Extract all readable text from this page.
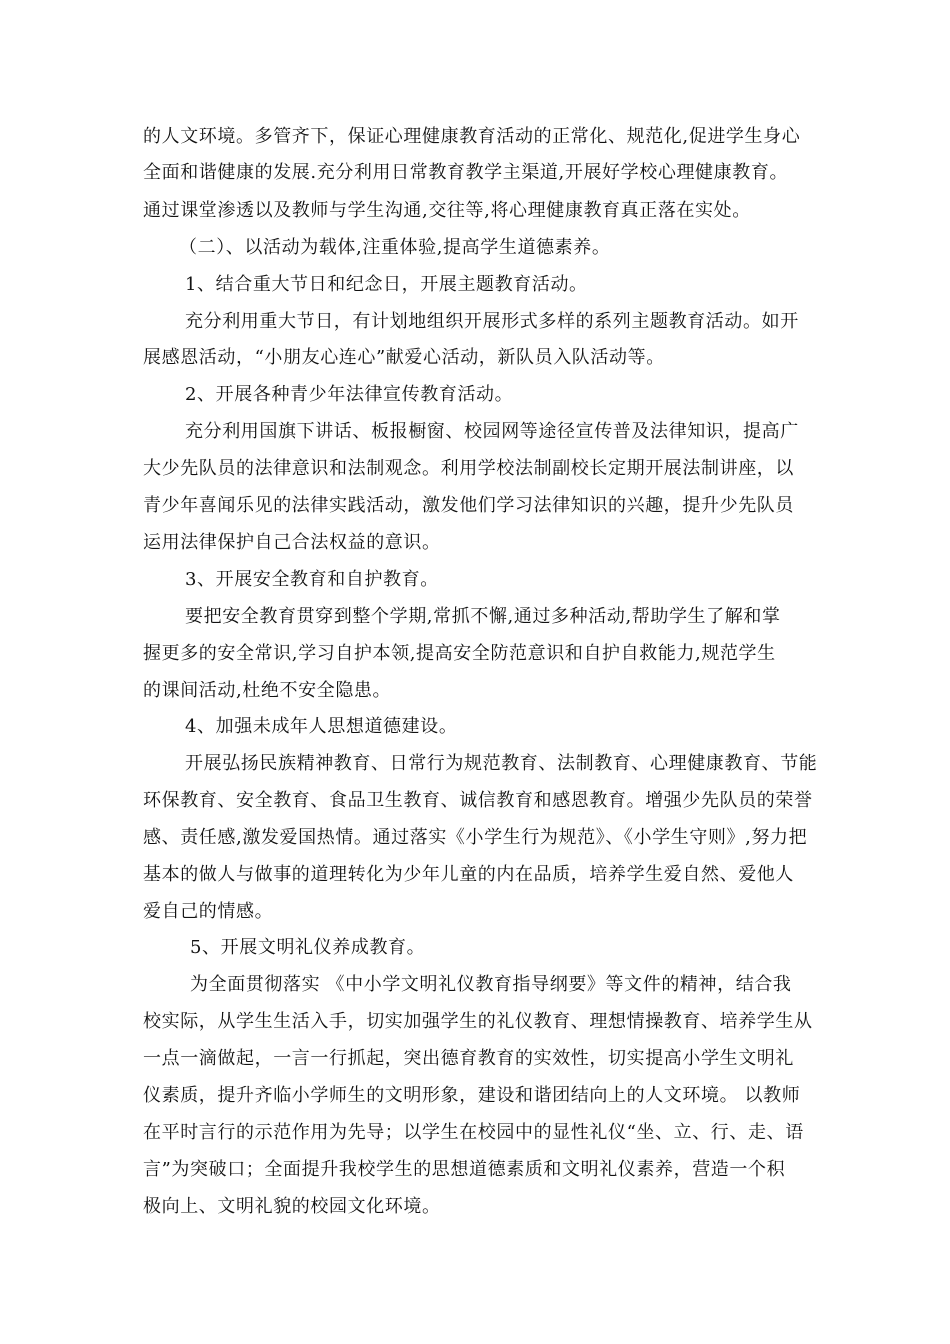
的人文环境。多管齐下，保证心理健康教育活动的正常化、规范化,促进学生身心
全面和谐健康的发展.充分利用日常教育教学主渠道,开展好学校心理健康教育。
通过课堂渗透以及教师与学生沟通,交往等,将心理健康教育真正落在实处。
（二）、以活动为载体,注重体验,提高学生道德素养。
1、结合重大节日和纪念日，开展主题教育活动。
充分利用重大节日，有计划地组织开展形式多样的系列主题教育活动。如开
展感恩活动，“小朋友心连心”献爱心活动，新队员入队活动等。
2、开展各种青少年法律宣传教育活动。
充分利用国旗下讲话、板报橱窗、校园网等途径宣传普及法律知识，提高广
大少先队员的法律意识和法制观念。利用学校法制副校长定期开展法制讲座，以
青少年喜闻乐见的法律实践活动，激发他们学习法律知识的兴趣，提升少先队员
运用法律保护自己合法权益的意识。
3、开展安全教育和自护教育。
要把安全教育贯穿到整个学期,常抓不懈,通过多种活动,帮助学生了解和掌
握更多的安全常识,学习自护本领,提高安全防范意识和自护自救能力,规范学生
的课间活动,杜绝不安全隐患。
4、加强未成年人思想道德建设。
开展弘扬民族精神教育、日常行为规范教育、法制教育、心理健康教育、节能
环保教育、安全教育、食品卫生教育、诚信教育和感恩教育。增强少先队员的荣誉
感、责任感,激发爱国热情。通过落实《小学生行为规范》、《小学生守则》,努力把
基本的做人与做事的道理转化为少年儿童的内在品质，培养学生爱自然、爱他人
爱自己的情感。
5、开展文明礼仪养成教育。
为全面贯彻落实 《中小学文明礼仪教育指导纲要》等文件的精神，结合我
校实际，从学生生活入手，切实加强学生的礼仪教育、理想情操教育、培养学生从
一点一滴做起，一言一行抓起，突出德育教育的实效性，切实提高小学生文明礼
仪素质，提升齐临小学师生的文明形象，建设和谐团结向上的人文环境。 以教师
在平时言行的示范作用为先导；以学生在校园中的显性礼仪“坐、立、行、走、语
言”为突破口；全面提升我校学生的思想道德素质和文明礼仪素养，营造一个积
极向上、文明礼貌的校园文化环境。
